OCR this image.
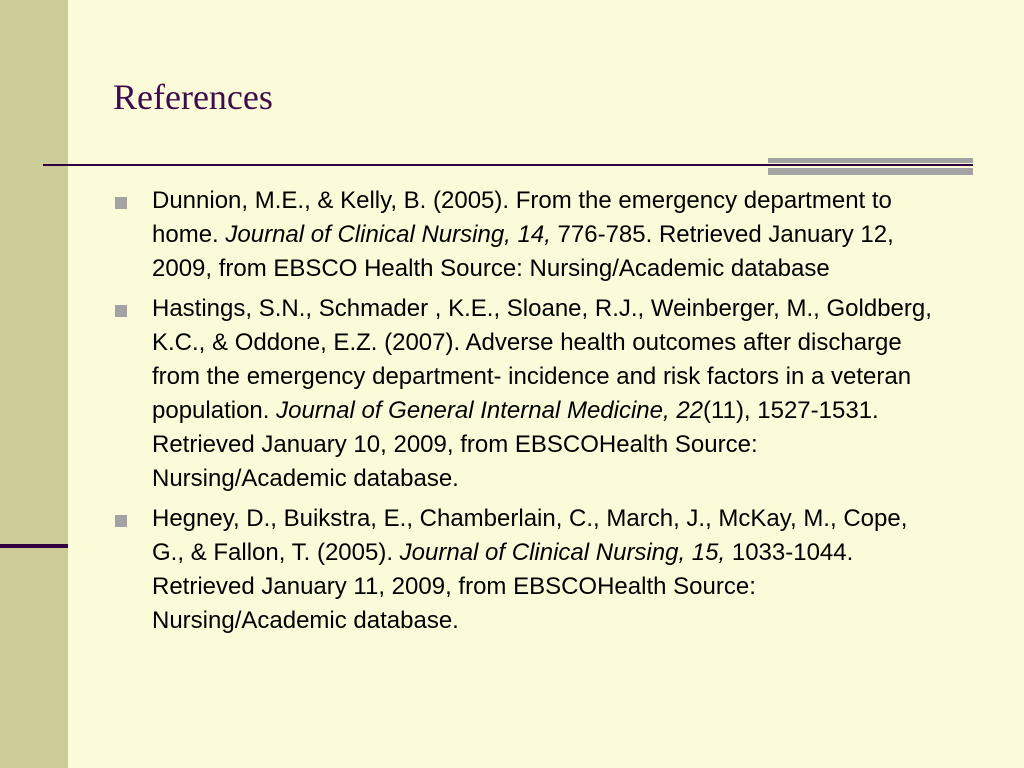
References
Dunnion, M.E., & Kelly, B. (2005). From the emergency department to home. Journal of Clinical Nursing, 14, 776-785. Retrieved January 12, 2009, from EBSCO Health Source: Nursing/Academic database
Hastings, S.N., Schmader , K.E., Sloane, R.J., Weinberger, M., Goldberg, K.C., & Oddone, E.Z. (2007). Adverse health outcomes after discharge from the emergency department- incidence and risk factors in a veteran population. Journal of General Internal Medicine, 22(11), 1527-1531. Retrieved January 10, 2009, from EBSCOHealth Source: Nursing/Academic database.
Hegney, D., Buikstra, E., Chamberlain, C., March, J., McKay, M., Cope, G., & Fallon, T. (2005). Journal of Clinical Nursing, 15, 1033-1044. Retrieved January 11, 2009, from EBSCOHealth Source: Nursing/Academic database.
